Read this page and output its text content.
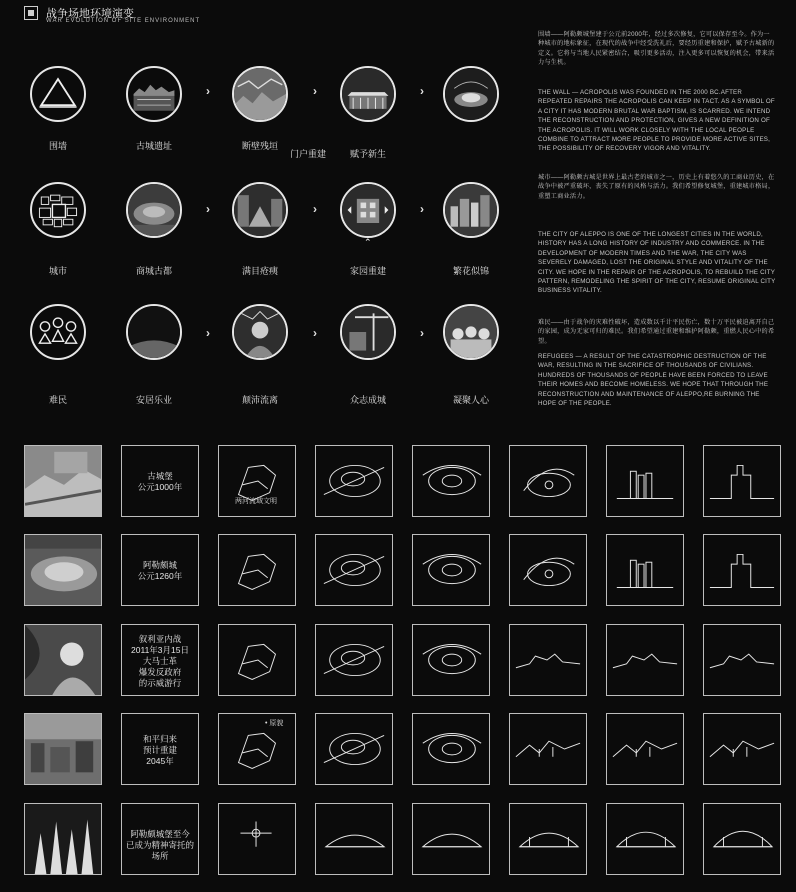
战争场地环境演变
WAR EVOLUTION OF SITE ENVIRONMENT
围墙	古城遗址
›
断壁残垣
›
门户重建	赋予新生
›
城市	商城古都
›
满目疮痍
›
家园重建
⌃
›
繁花似锦
难民	安居乐业
›
颠沛流离
›
众志成城
›
凝聚人心
围墙——阿勒颇城堡建于公元前2000年，经过多次修复，它可以保存至今。作为一种城市的地标象征，在现代的战争中经受洗礼后，要经历重建和保护，赋予古城新的定义。它将与当地人民紧密结合，吸引更多活动，注入更多可以恢复的机会，带来活力与生机。
THE WALL — ACROPOLIS WAS FOUNDED IN THE 2000 BC.AFTER REPEATED REPAIRS THE ACROPOLIS CAN KEEP IN TACT. AS A SYMBOL OF A CITY IT HAS MODERN BRUTAL WAR BAPTISM, IS SCARRED. WE INTEND THE RECONSTRUCTION AND PROTECTION, GIVES A NEW DEFINITION OF THE ACROPOLIS. IT WILL WORK CLOSELY WITH THE LOCAL PEOPLE COMBINE TO ATTRACT MORE PEOPLE TO PROVIDE MORE ACTIVE SITES, THE POSSIBILITY OF RECOVERY VIGOR AND VITALITY.
城市——阿勒颇古城是世界上最古老的城市之一，历史上有着悠久的工商业历史，在战争中被严重破坏，丧失了原有的风格与活力。我们希望修复城堡，重建城市格局，重塑工商业活力。
THE CITY OF ALEPPO IS ONE OF THE LONGEST CITIES IN THE WORLD, HISTORY HAS A LONG HISTORY OF INDUSTRY AND COMMERCE. IN THE DEVELOPMENT OF MODERN TIMES AND THE WAR, THE CITY WAS SEVERELY DAMAGED, LOST THE ORIGINAL STYLE AND VITALITY OF THE CITY. WE HOPE IN THE REPAIR OF THE ACROPOLIS, TO REBUILD THE CITY PATTERN, REMODELING THE SPIRIT OF THE CITY, RESUME ORIGINAL CITY BUSINESS VITALITY.
难民——由于战争的灾难性破坏，造成数以千计平民伤亡，数十万平民被迫离开自己的家园，成为无家可归的难民。我们希望通过重建和维护阿勒颇，重燃人民心中的希望。
REFUGEES — A RESULT OF THE CATASTROPHIC DESTRUCTION OF THE WAR, RESULTING IN THE SACRIFICE OF THOUSANDS OF CIVILIANS. HUNDREDS OF THOUSANDS OF PEOPLE HAVE BEEN FORCED TO LEAVE THEIR HOMES AND BECOME HOMELESS. WE HOPE THAT THROUGH THE RECONSTRUCTION AND MAINTENANCE OF ALEPPO,RE BURNING THE HOPE OF THE PEOPLE.
古城堡
公元1000年
两河流域文明
阿勒颇城
公元1260年
叙利亚内战
2011年3月15日
大马士革
爆发反政府
的示威游行
和平归来
预计重建
2045年
• 原貌
阿勒颇城堡至今
已成为精神寄托的场所
